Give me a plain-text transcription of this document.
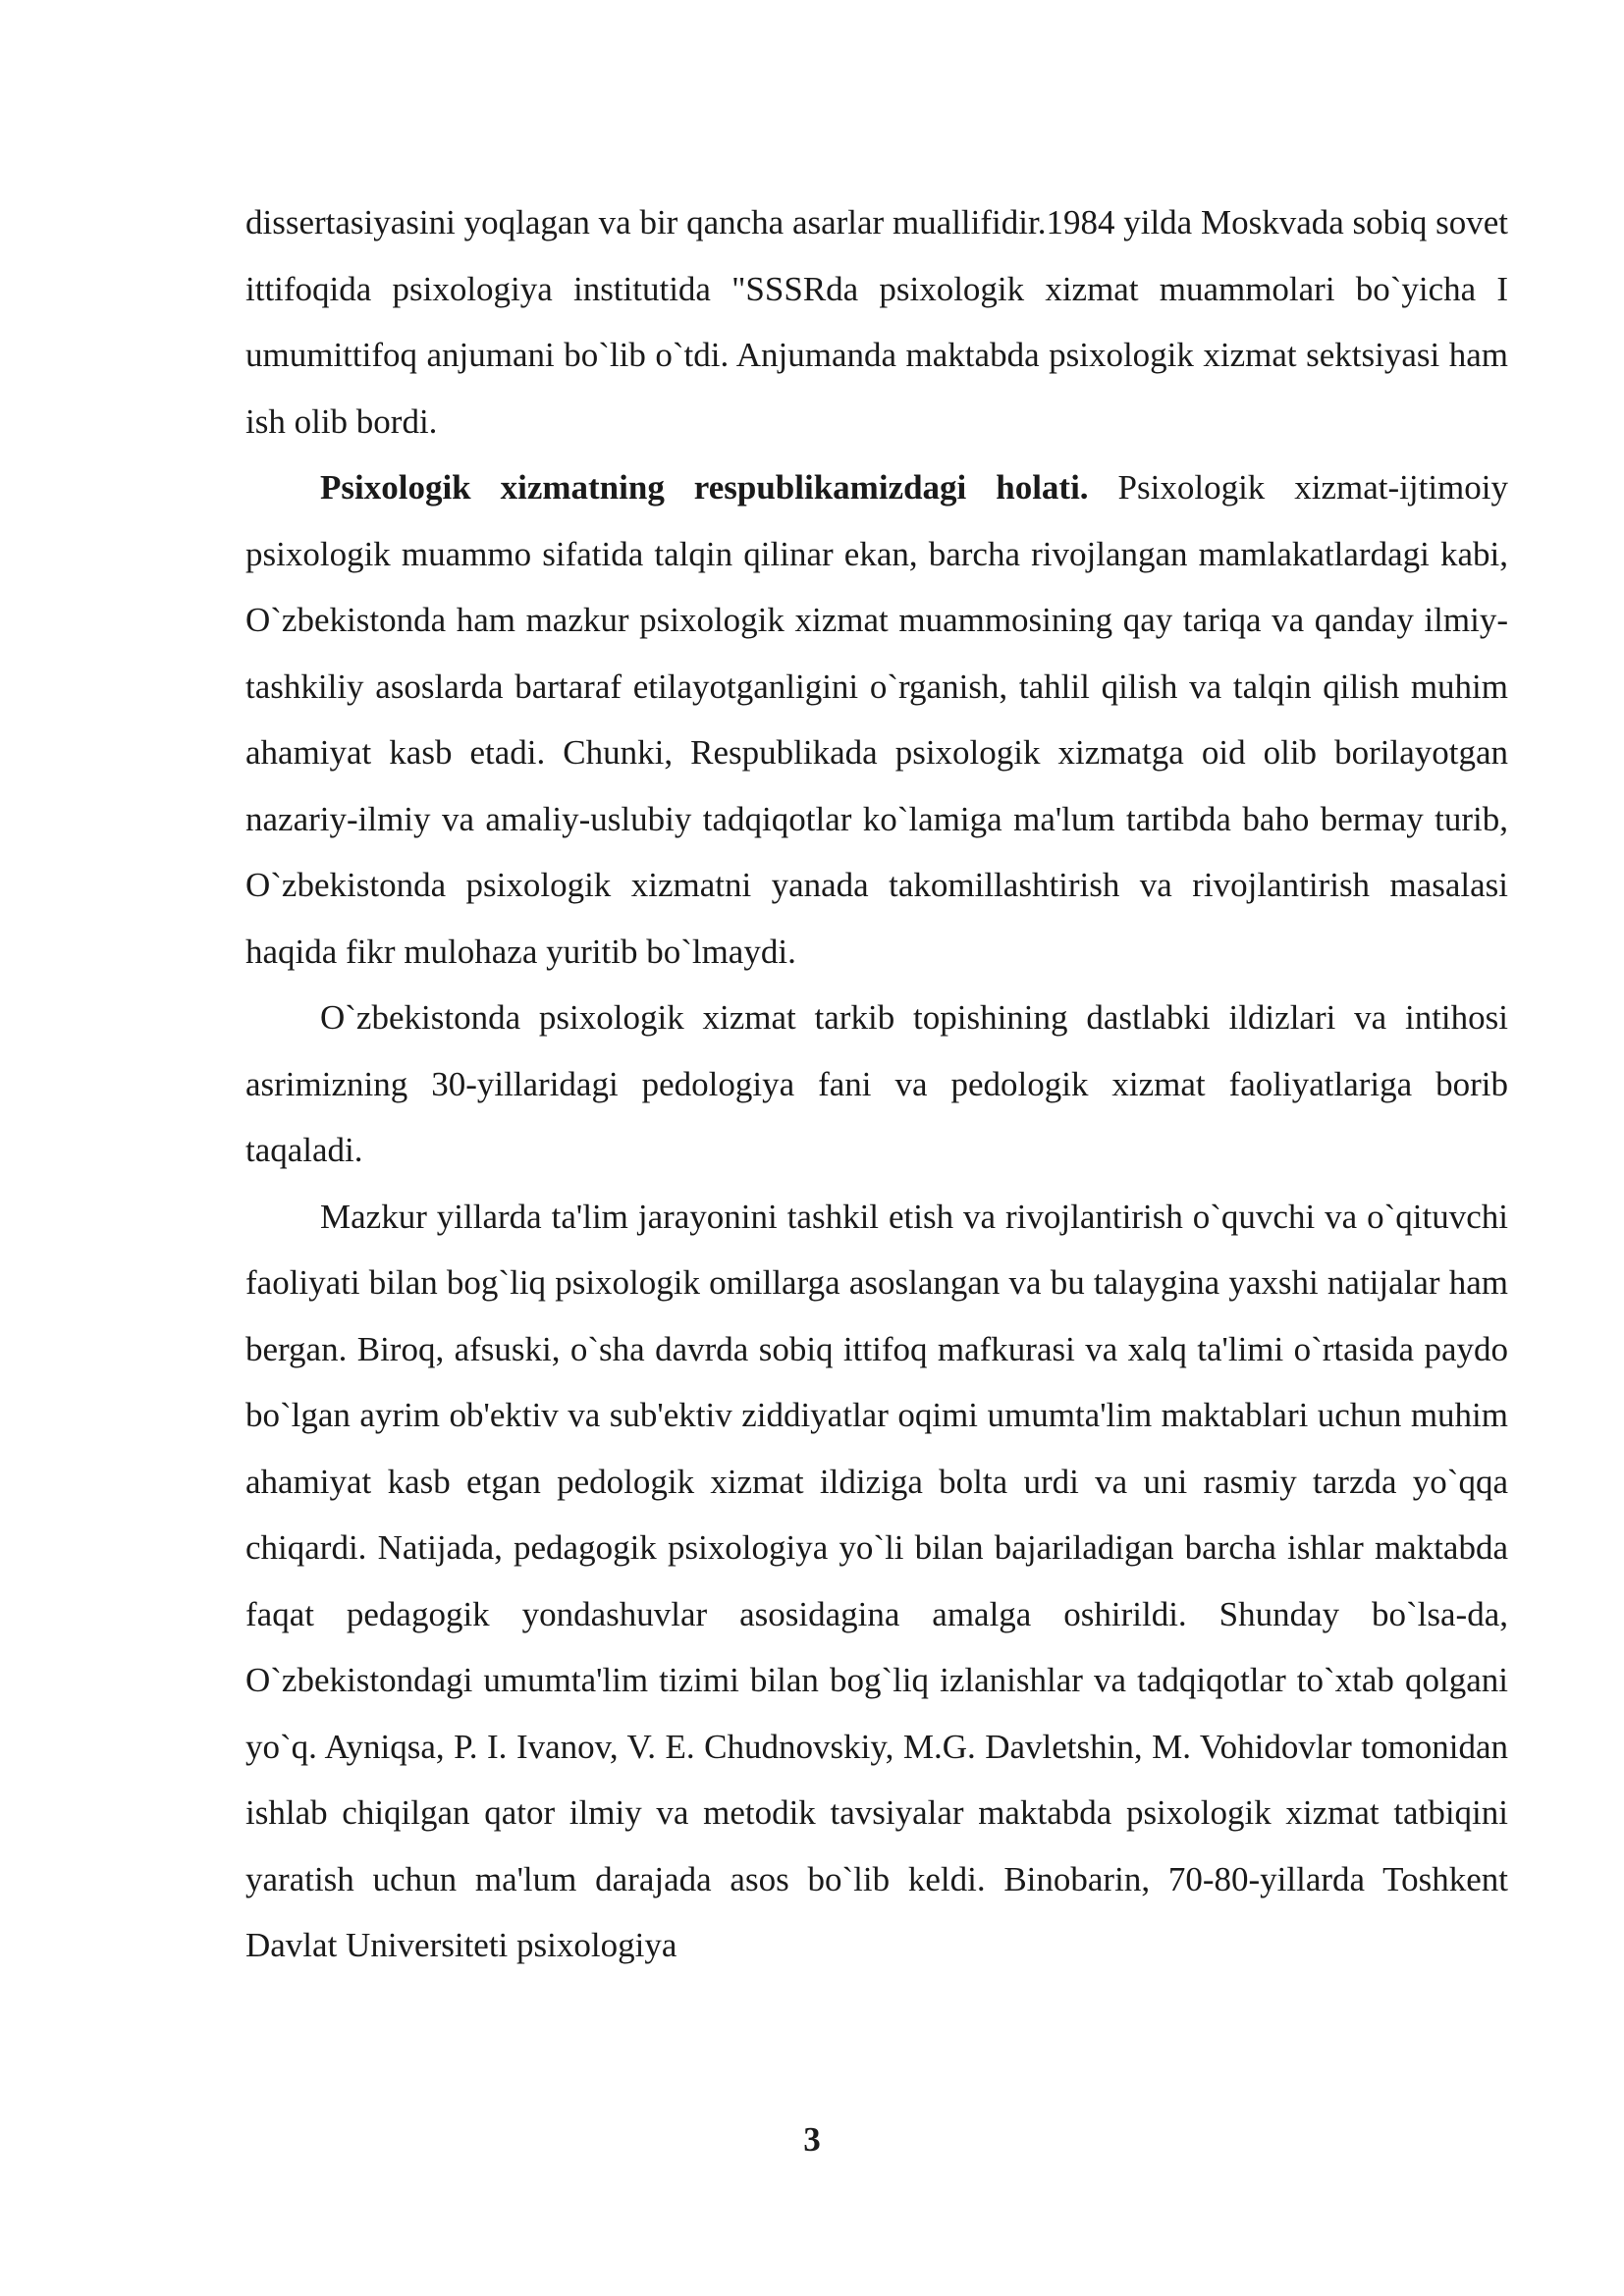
dissertasiyasini yoqlagan va bir qancha asarlar muallifidir.1984 yilda Moskvada sobiq sovet ittifoqida psixologiya institutida "SSSRda psixologik xizmat muammolari bo`yicha I umumittifoq anjumani bo`lib o`tdi. Anjumanda maktabda psixologik xizmat sektsiyasi ham ish olib bordi.

Psixologik xizmatning respublikamizdagi holati. Psixologik xizmat-ijtimoiy psixologik muammo sifatida talqin qilinar ekan, barcha rivojlangan mamlakatlardagi kabi, O`zbekistonda ham mazkur psixologik xizmat muammosining qay tariqa va qanday ilmiy-tashkiliy asoslarda bartaraf etilayotganligini o`rganish, tahlil qilish va talqin qilish muhim ahamiyat kasb etadi. Chunki, Respublikada psixologik xizmatga oid olib borilayotgan nazariy-ilmiy va amaliy-uslubiy tadqiqotlar ko`lamiga ma'lum tartibda baho bermay turib, O`zbekistonda psixologik xizmatni yanada takomillashtirish va rivojlantirish masalasi haqida fikr mulohaza yuritib bo`lmaydi.

O`zbekistonda psixologik xizmat tarkib topishining dastlabki ildizlari va intihosi asrimizning 30-yillaridagi pedologiya fani va pedologik xizmat faoliyatlariga borib taqaladi.

Mazkur yillarda ta'lim jarayonini tashkil etish va rivojlantirish o`quvchi va o`qituvchi faoliyati bilan bog`liq psixologik omillarga asoslangan va bu talaygina yaxshi natijalar ham bergan. Biroq, afsuski, o`sha davrda sobiq ittifoq mafkurasi va xalq ta'limi o`rtasida paydo bo`lgan ayrim ob'ektiv va sub'ektiv ziddiyatlar oqimi umumta'lim maktablari uchun muhim ahamiyat kasb etgan pedologik xizmat ildiziga bolta urdi va uni rasmiy tarzda yo`qqa chiqardi. Natijada, pedagogik psixologiya yo`li bilan bajariladigan barcha ishlar maktabda faqat pedagogik yondashuvlar asosidagina amalga oshirildi. Shunday bo`lsa-da, O`zbekistondagi umumta'lim tizimi bilan bog`liq izlanishlar va tadqiqotlar to`xtab qolgani yo`q. Ayniqsa, P. I. Ivanov, V. E. Chudnovskiy, M.G. Davletshin, M. Vohidovlar tomonidan ishlab chiqilgan qator ilmiy va metodik tavsiyalar maktabda psixologik xizmat tatbiqini yaratish uchun ma'lum darajada asos bo`lib keldi. Binobarin, 70-80-yillarda Toshkent Davlat Universiteti psixologiya

3
